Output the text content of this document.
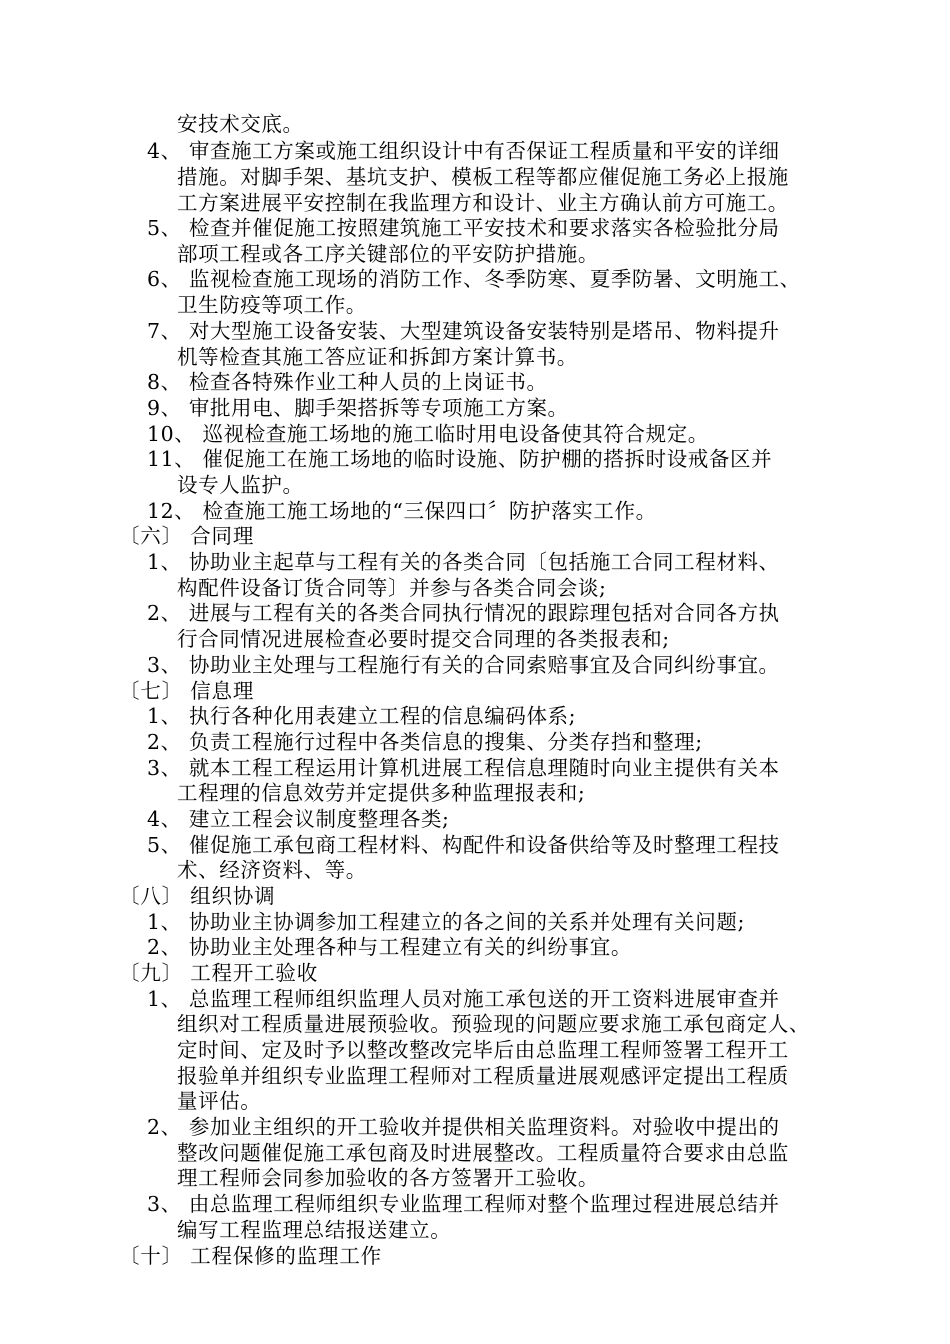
安技术交底。
4、 审查施工方案或施工组织设计中有否保证工程质量和平安的详细
措施。对脚手架、基坑支护、模板工程等都应催促施工务必上报施
工方案进展平安控制在我监理方和设计、业主方确认前方可施工。
5、 检查并催促施工按照建筑施工平安技术和要求落实各检验批分局
部项工程或各工序关键部位的平安防护措施。
6、 监视检查施工现场的消防工作、冬季防寒、夏季防暑、文明施工、
卫生防疫等项工作。
7、 对大型施工设备安装、大型建筑设备安装特别是塔吊、物料提升
机等检查其施工答应证和拆卸方案计算书。
8、 检查各特殊作业工种人员的上岗证书。
9、 审批用电、脚手架搭拆等专项施工方案。
10、 巡视检查施工场地的施工临时用电设备使其符合规定。
11、 催促施工在施工场地的临时设施、防护棚的搭拆时设戒备区并
设专人监护。
12、 检查施工施工场地的“三保四口〞防护落实工作。
〔六〕 合同理
1、 协助业主起草与工程有关的各类合同〔包括施工合同工程材料、
构配件设备订货合同等〕并参与各类合同会谈;
2、 进展与工程有关的各类合同执行情况的跟踪理包括对合同各方执
行合同情况进展检查必要时提交合同理的各类报表和;
3、 协助业主处理与工程施行有关的合同索赔事宜及合同纠纷事宜。
〔七〕 信息理
1、 执行各种化用表建立工程的信息编码体系;
2、 负责工程施行过程中各类信息的搜集、分类存挡和整理;
3、 就本工程工程运用计算机进展工程信息理随时向业主提供有关本
工程理的信息效劳并定提供多种监理报表和;
4、 建立工程会议制度整理各类;
5、 催促施工承包商工程材料、构配件和设备供给等及时整理工程技
术、经济资料、等。
〔八〕 组织协调
1、 协助业主协调参加工程建立的各之间的关系并处理有关问题;
2、 协助业主处理各种与工程建立有关的纠纷事宜。
〔九〕 工程开工验收
1、 总监理工程师组织监理人员对施工承包送的开工资料进展审查并
组织对工程质量进展预验收。预验现的问题应要求施工承包商定人、
定时间、定及时予以整改整改完毕后由总监理工程师签署工程开工
报验单并组织专业监理工程师对工程质量进展观感评定提出工程质
量评估。
2、 参加业主组织的开工验收并提供相关监理资料。对验收中提出的
整改问题催促施工承包商及时进展整改。工程质量符合要求由总监
理工程师会同参加验收的各方签署开工验收。
3、 由总监理工程师组织专业监理工程师对整个监理过程进展总结并
编写工程监理总结报送建立。
〔十〕 工程保修的监理工作
